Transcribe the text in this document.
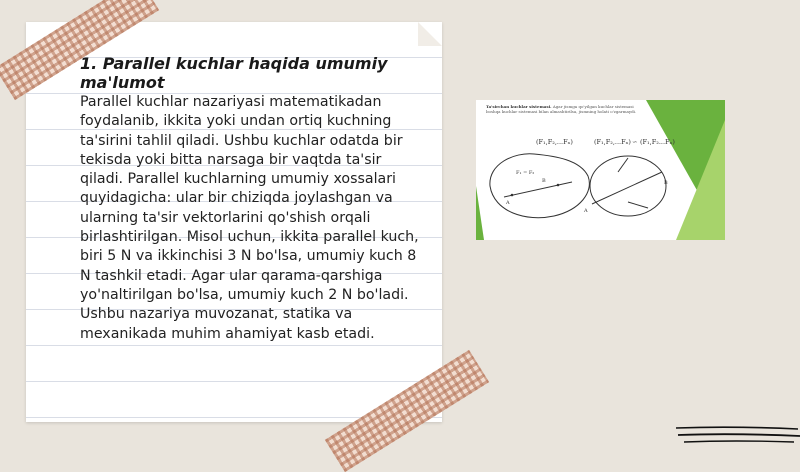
1. Parallel kuchlar haqida umumiy ma'lumot

Parallel kuchlar nazariyasi matematikadan foydalanib, ikkita yoki undan ortiq kuchning ta'sirini tahlil qiladi. Ushbu kuchlar odatda bir tekisda yoki bitta narsaga bir vaqtda ta'sir qiladi. Parallel kuchlarning umumiy xossalari quyidagicha: ular bir chiziqda joylashgan va ularning ta'sir vektorlarini qo'shish orqali birlashtirilgan. Misol uchun, ikkita parallel kuch, biri 5 N va ikkinchisi 3 N bo'lsa, umumiy kuch 8 N tashkil etadi. Agar ular qarama-qarshiga yo'naltirilgan bo'lsa, umumiy kuch 2 N bo'ladi. Ushbu nazariya muvozanat, statika va mexanikada muhim ahamiyat kasb etadi.

F₁ = F₂
A
B
A
B
(F₁,F₂,...Fₙ)	(F₁,F₂,...Fₙ) ∽ (F₁,F₂...Fₙ)

Ta'sirchan kuchlar sistemasi. Agar jismga qo'yilgan kuchlar sistemasi boshqa kuchlar sistemasi bilan almashtirilsa, jismning holati o'zgarmaydi.
